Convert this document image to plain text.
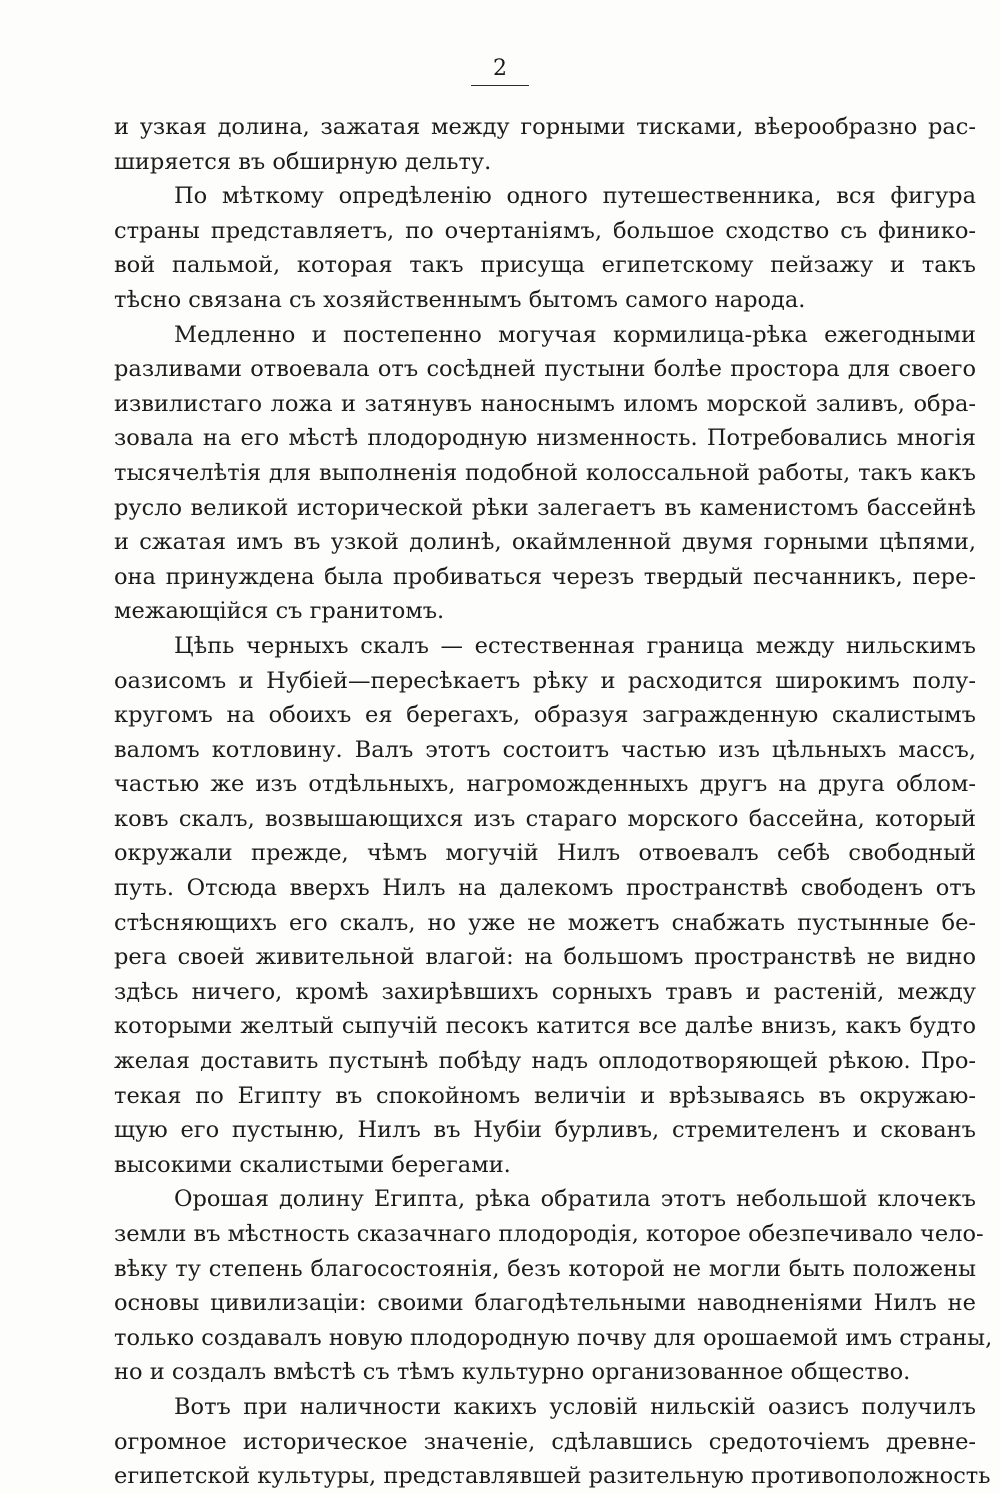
2
и узкая долина, зажатая между горными тисками, вѣерообразно рас-
ширяется въ обширную дельту.
По мѣткому опредѣленію одного путешественника, вся фигура
страны представляетъ, по очертаніямъ, большое сходство съ финико-
вой пальмой, которая такъ присуща египетскому пейзажу и такъ
тѣсно связана съ хозяйственнымъ бытомъ самого народа.
Медленно и постепенно могучая кормилица-рѣка ежегодными
разливами отвоевала отъ сосѣдней пустыни болѣе простора для своего
извилистаго ложа и затянувъ наноснымъ иломъ морской заливъ, обра-
зовала на его мѣстѣ плодородную низменность. Потребовались многія
тысячелѣтія для выполненія подобной колоссальной работы, такъ какъ
русло великой исторической рѣки залегаетъ въ каменистомъ бассейнѣ
и сжатая имъ въ узкой долинѣ, окаймленной двумя горными цѣпями,
она принуждена была пробиваться черезъ твердый песчанникъ, пере-
межающійся съ гранитомъ.
Цѣпь черныхъ скалъ — естественная граница между нильскимъ
оазисомъ и Нубіей—пересѣкаетъ рѣку и расходится широкимъ полу-
кругомъ на обоихъ ея берегахъ, образуя загражденную скалистымъ
валомъ котловину. Валъ этотъ состоитъ частью изъ цѣльныхъ массъ,
частью же изъ отдѣльныхъ, нагроможденныхъ другъ на друга облом-
ковъ скалъ, возвышающихся изъ стараго морского бассейна, который
окружали прежде, чѣмъ могучій Нилъ отвоевалъ себѣ свободный
путь. Отсюда вверхъ Нилъ на далекомъ пространствѣ свободенъ отъ
стѣсняющихъ его скалъ, но уже не можетъ снабжать пустынные бе-
рега своей живительной влагой: на большомъ пространствѣ не видно
здѣсь ничего, кромѣ захирѣвшихъ сорныхъ травъ и растеній, между
которыми желтый сыпучій песокъ катится все далѣе внизъ, какъ будто
желая доставить пустынѣ побѣду надъ оплодотворяющей рѣкою. Про-
текая по Египту въ спокойномъ величіи и врѣзываясь въ окружаю-
щую его пустыню, Нилъ въ Нубіи бурливъ, стремителенъ и скованъ
высокими скалистыми берегами.
Орошая долину Египта, рѣка обратила этотъ небольшой клочекъ
земли въ мѣстность сказачнаго плодородія, которое обезпечивало чело-
вѣку ту степень благосостоянія, безъ которой не могли быть положены
основы цивилизаціи: своими благодѣтельными наводненіями Нилъ не
только создавалъ новую плодородную почву для орошаемой имъ страны,
но и создалъ вмѣстѣ съ тѣмъ культурно организованное общество.
Вотъ при наличности какихъ условій нильскій оазисъ получилъ
огромное историческое значеніе, сдѣлавшись средоточіемъ древне-
египетской культуры, представлявшей разительную противоположность
